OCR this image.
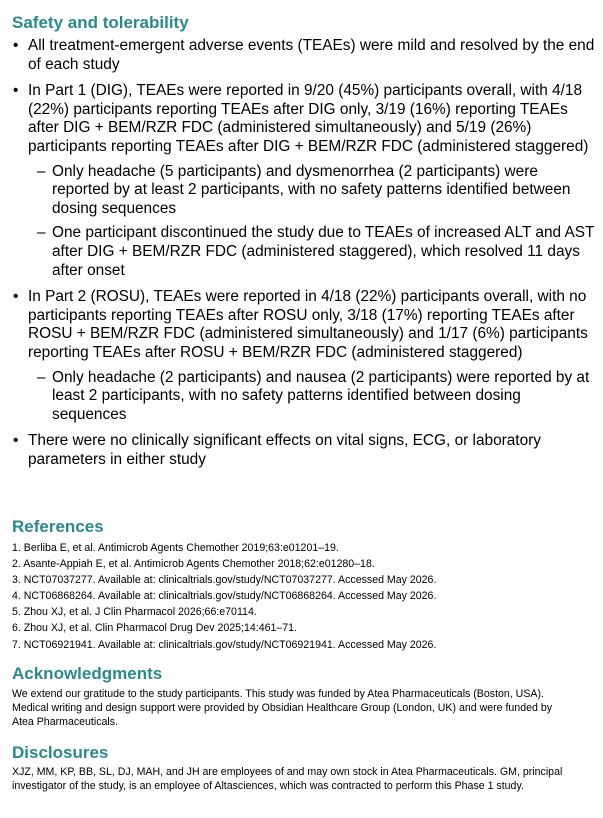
Safety and tolerability
• All treatment-emergent adverse events (TEAEs) were mild and resolved by the end of each study
• In Part 1 (DIG), TEAEs were reported in 9/20 (45%) participants overall, with 4/18 (22%) participants reporting TEAEs after DIG only, 3/19 (16%) reporting TEAEs after DIG + BEM/RZR FDC (administered simultaneously) and 5/19 (26%) participants reporting TEAEs after DIG + BEM/RZR FDC (administered staggered)
– Only headache (5 participants) and dysmenorrhea (2 participants) were reported by at least 2 participants, with no safety patterns identified between dosing sequences
– One participant discontinued the study due to TEAEs of increased ALT and AST after DIG + BEM/RZR FDC (administered staggered), which resolved 11 days after onset
• In Part 2 (ROSU), TEAEs were reported in 4/18 (22%) participants overall, with no participants reporting TEAEs after ROSU only, 3/18 (17%) reporting TEAEs after ROSU + BEM/RZR FDC (administered simultaneously) and 1/17 (6%) participants reporting TEAEs after ROSU + BEM/RZR FDC (administered staggered)
– Only headache (2 participants) and nausea (2 participants) were reported by at least 2 participants, with no safety patterns identified between dosing sequences
• There were no clinically significant effects on vital signs, ECG, or laboratory parameters in either study
References
1. Berliba E, et al. Antimicrob Agents Chemother 2019;63:e01201–19.
2. Asante-Appiah E, et al. Antimicrob Agents Chemother 2018;62:e01280–18.
3. NCT07037277. Available at: clinicaltrials.gov/study/NCT07037277. Accessed May 2026.
4. NCT06868264. Available at: clinicaltrials.gov/study/NCT06868264. Accessed May 2026.
5. Zhou XJ, et al. J Clin Pharmacol 2026;66:e70114.
6. Zhou XJ, et al. Clin Pharmacol Drug Dev 2025;14:461–71.
7. NCT06921941. Available at: clinicaltrials.gov/study/NCT06921941. Accessed May 2026.
Acknowledgments

We extend our gratitude to the study participants. This study was funded by Atea Pharmaceuticals (Boston, USA). Medical writing and design support were provided by Obsidian Healthcare Group (London, UK) and were funded by Atea Pharmaceuticals.

Disclosures

XJZ, MM, KP, BB, SL, DJ, MAH, and JH are employees of and may own stock in Atea Pharmaceuticals. GM, principal investigator of the study, is an employee of Altasciences, which was contracted to perform this Phase 1 study.
